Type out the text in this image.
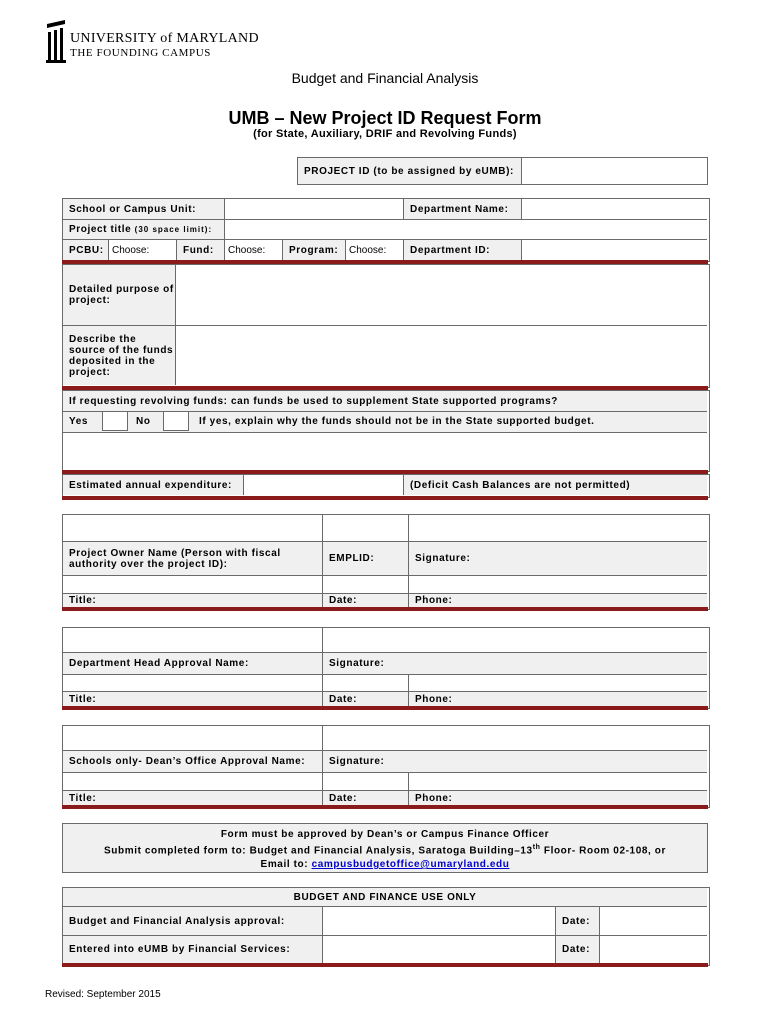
UNIVERSITY of MARYLAND
THE FOUNDING CAMPUS
Budget and Financial Analysis
UMB – New Project ID Request Form
(for State, Auxiliary, DRIF and Revolving Funds)
PROJECT ID (to be assigned by eUMB):
School or Campus Unit:	Department Name:
Project title
(30 space limit):
PCBU: Choose:	Fund:	Choose:	Program:	Choose:	Department ID:
Detailed purpose of project:
Describe the source of the funds deposited in the project:
If requesting revolving funds: can funds be used to supplement State supported programs?
Yes	No	If yes, explain why the funds should not be in the State supported budget.
Estimated annual expenditure:	(Deficit Cash Balances are not permitted)
Project Owner Name (Person with fiscal authority over the project ID):	EMPLID:	Signature:
Title:	Date:	Phone:
Department Head Approval Name:	Signature:
Title:	Date:	Phone:
Schools only- Dean’s Office Approval Name:	Signature:
Title:	Date:	Phone:
Form must be approved by Dean’s or Campus Finance Officer
Submit completed form to: Budget and Financial Analysis, Saratoga Building–13th Floor- Room 02-108, or
Email to: campusbudgetoffice@umaryland.edu
BUDGET AND FINANCE USE ONLY
Budget and Financial Analysis approval:	Date:
Entered into eUMB by Financial Services:	Date:
Revised: September 2015
